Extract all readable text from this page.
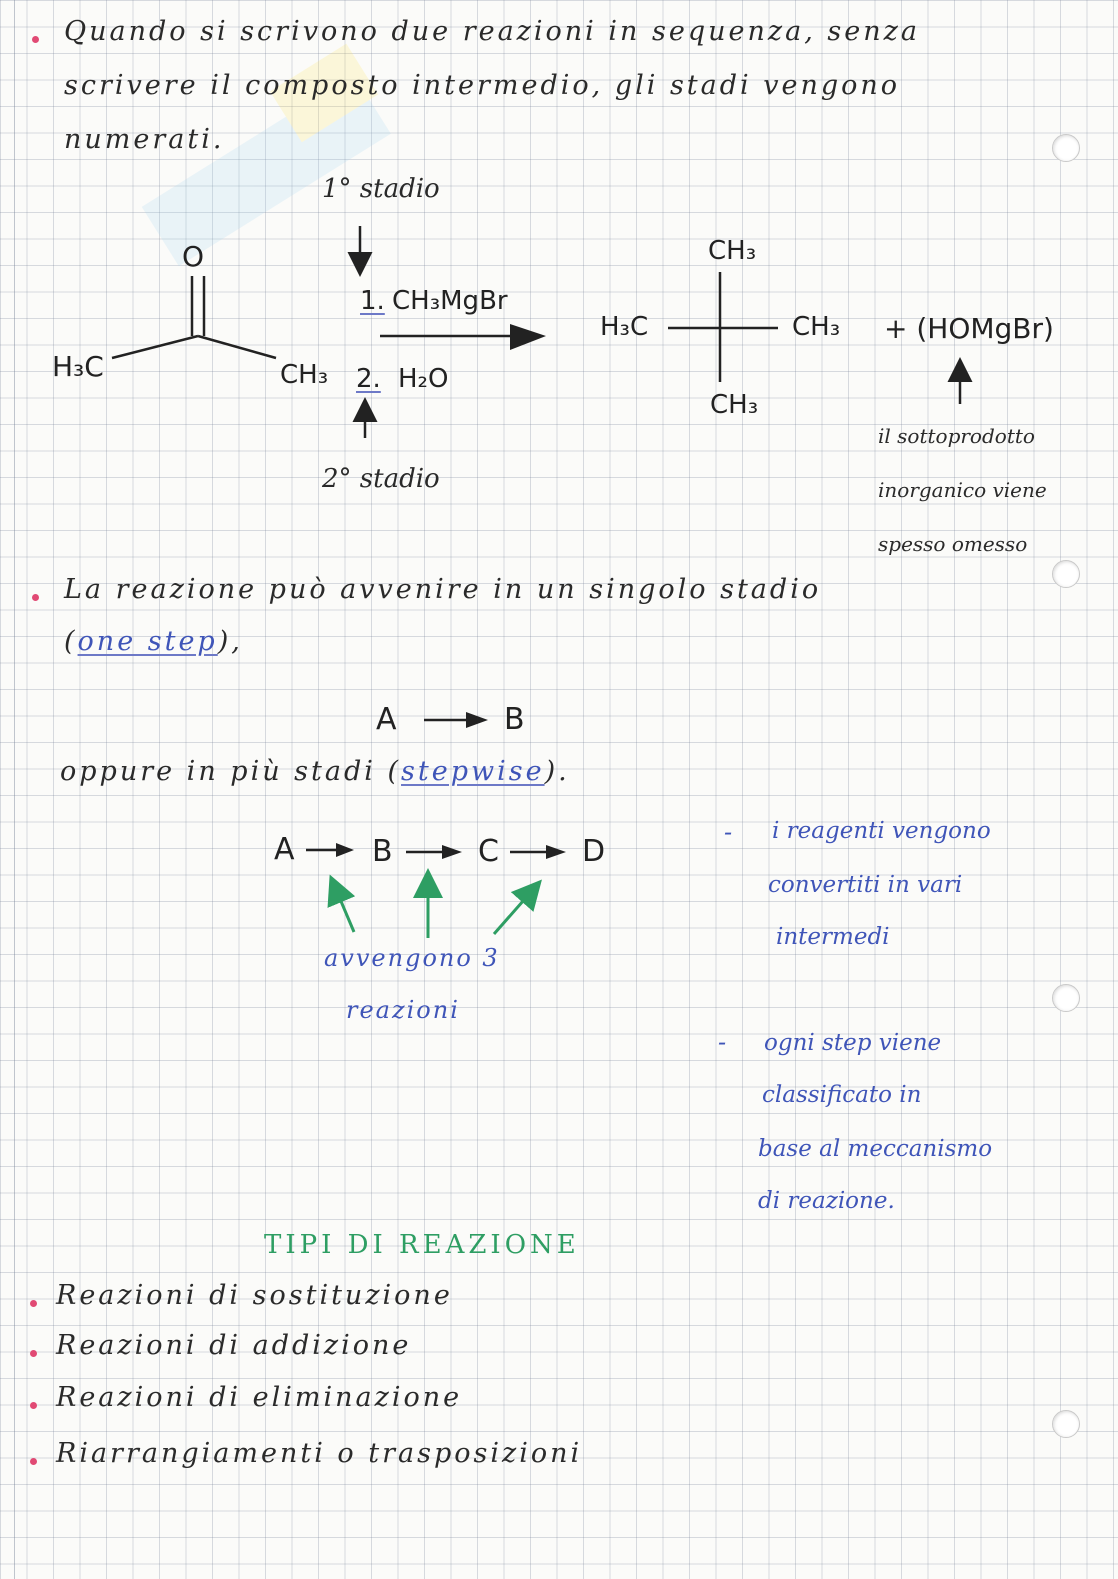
Quando si scrivono due reazioni in sequenza, senza
scrivere il composto intermedio, gli stadi vengono
numerati.
1° stadio
2° stadio
O
H₃C	CH₃
1. CH₃MgBr
2. H₂O
CH₃
H₃C	CH₃
CH₃
+ (HOMgBr)
il sottoprodotto
inorganico viene
spesso omesso
La reazione può avvenire in un singolo stadio
(one step),
A	B
oppure in più stadi (stepwise).
A	B	C	D
avvengono 3
reazioni
- i reagenti vengono
convertiti in vari
intermedi
- ogni step viene
classificato in
base al meccanismo
di reazione.
TIPI DI REAZIONE
Reazioni di sostituzione
Reazioni di addizione
Reazioni di eliminazione
Riarrangiamenti o trasposizioni
